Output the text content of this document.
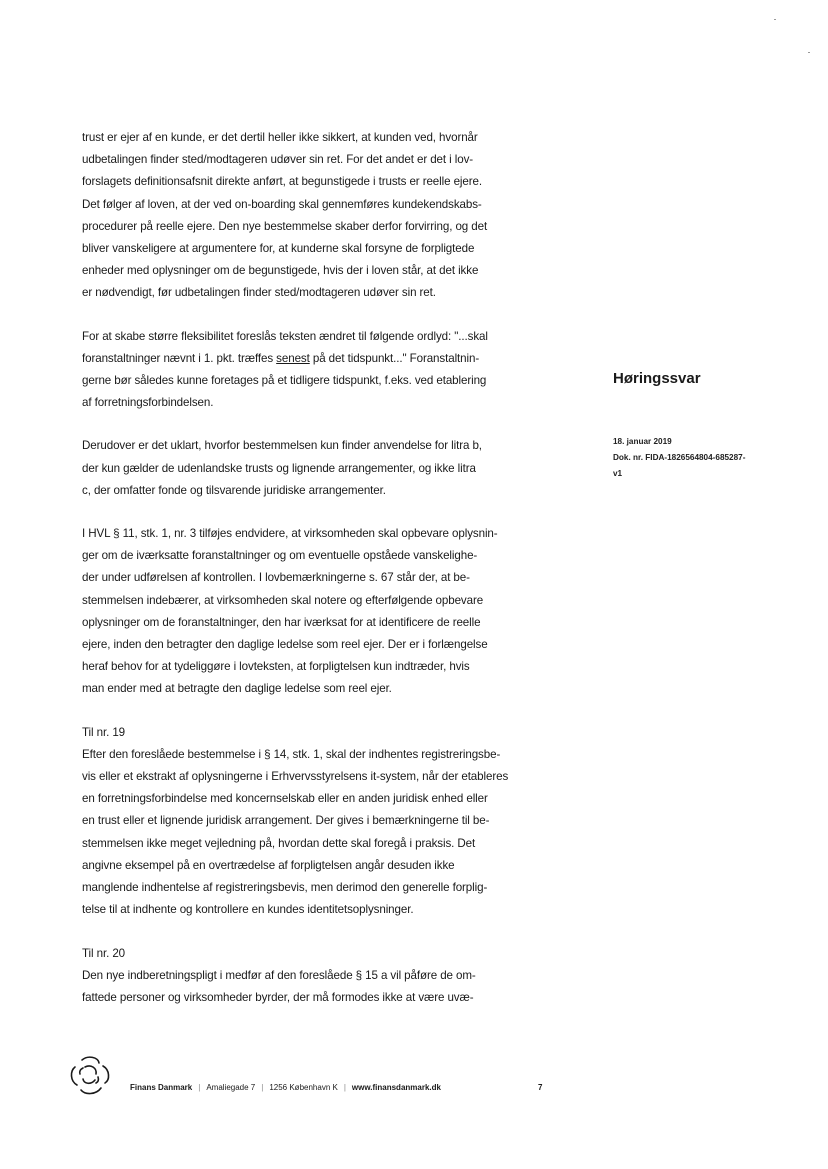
trust er ejer af en kunde, er det dertil heller ikke sikkert, at kunden ved, hvornår
udbetalingen finder sted/modtageren udøver sin ret. For det andet er det i lov-
forslagets definitionsafsnit direkte anført, at begunstigede i trusts er reelle ejere.
Det følger af loven, at der ved on-boarding skal gennemføres kundekendskabs-
procedurer på reelle ejere. Den nye bestemmelse skaber derfor forvirring, og det
bliver vanskeligere at argumentere for, at kunderne skal forsyne de forpligtede
enheder med oplysninger om de begunstigede, hvis der i loven står, at det ikke
er nødvendigt, før udbetalingen finder sted/modtageren udøver sin ret.

For at skabe større fleksibilitet foreslås teksten ændret til følgende ordlyd: "...skal
foranstaltninger nævnt i 1. pkt. træffes senest på det tidspunkt..." Foranstaltnin-
gerne bør således kunne foretages på et tidligere tidspunkt, f.eks. ved etablering
af forretningsforbindelsen.

Derudover er det uklart, hvorfor bestemmelsen kun finder anvendelse for litra b,
der kun gælder de udenlandske trusts og lignende arrangementer, og ikke litra
c, der omfatter fonde og tilsvarende juridiske arrangementer.

I HVL § 11, stk. 1, nr. 3 tilføjes endvidere, at virksomheden skal opbevare oplysnin-
ger om de iværksatte foranstaltninger og om eventuelle opståede vanskelighe-
der under udførelsen af kontrollen. I lovbemærkningerne s. 67 står der, at be-
stemmelsen indebærer, at virksomheden skal notere og efterfølgende opbevare
oplysninger om de foranstaltninger, den har iværksat for at identificere de reelle
ejere, inden den betragter den daglige ledelse som reel ejer. Der er i forlængelse
heraf behov for at tydeliggøre i lovteksten, at forpligtelsen kun indtræder, hvis
man ender med at betragte den daglige ledelse som reel ejer.

Til nr. 19
Efter den foreslåede bestemmelse i § 14, stk. 1, skal der indhentes registreringsbe-
vis eller et ekstrakt af oplysningerne i Erhvervsstyrelsens it-system, når der etableres
en forretningsforbindelse med koncernselskab eller en anden juridisk enhed eller
en trust eller et lignende juridisk arrangement. Der gives i bemærkningerne til be-
stemmelsen ikke meget vejledning på, hvordan dette skal foregå i praksis. Det
angivne eksempel på en overtrædelse af forpligtelsen angår desuden ikke
manglende indhentelse af registreringsbevis, men derimod den generelle forplig-
telse til at indhente og kontrollere en kundes identitetsoplysninger.

Til nr. 20
Den nye indberetningspligt i medfør af den foreslåede § 15 a vil påføre de om-
fattede personer og virksomheder byrder, der må formodes ikke at være uvæ-

Høringssvar
18. januar 2019
Dok. nr. FIDA-1826564804-685287-
v1
Finans Danmark | Amaliegade 7 | 1256 København K | www.finansdanmark.dk	7
